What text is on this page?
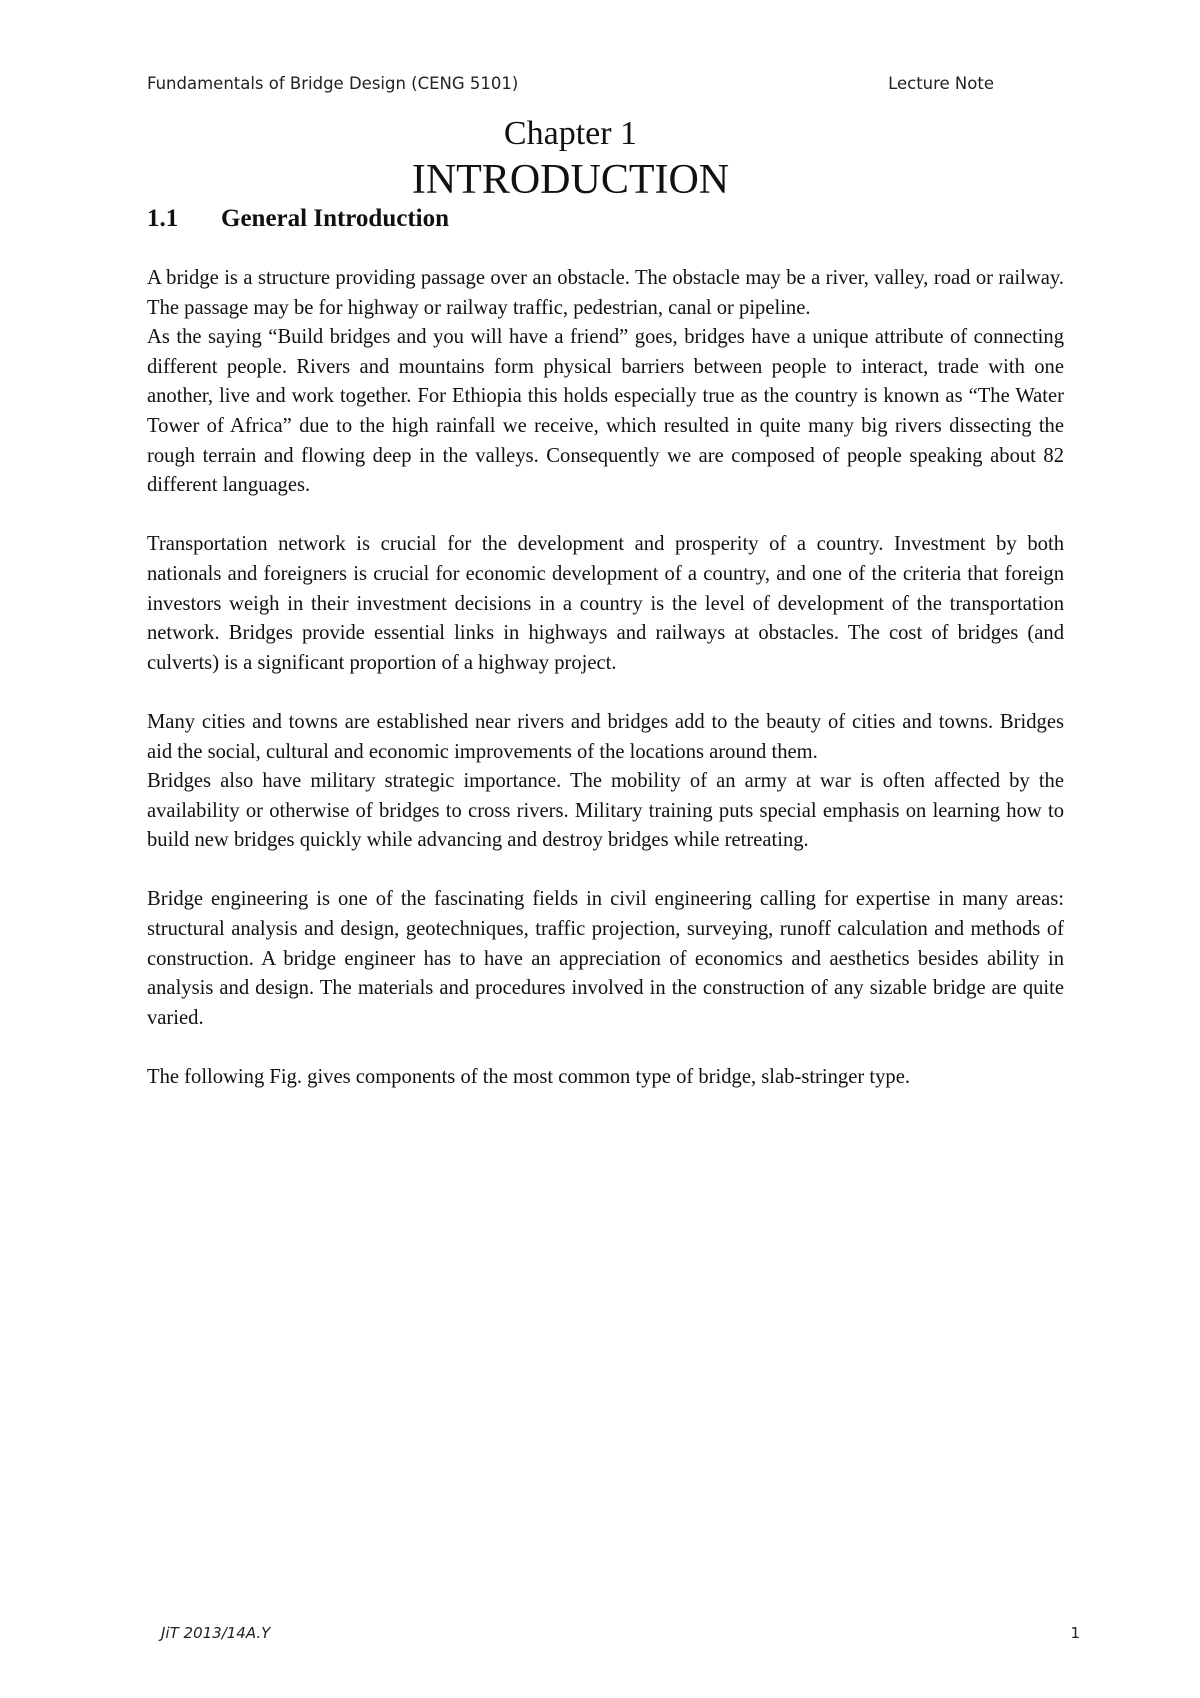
Fundamentals of Bridge Design (CENG 5101)	Lecture Note
Chapter 1
INTRODUCTION
1.1 General Introduction

A bridge is a structure providing passage over an obstacle. The obstacle may be a river, valley, road or railway. The passage may be for highway or railway traffic, pedestrian, canal or pipeline.

As the saying “Build bridges and you will have a friend” goes, bridges have a unique attribute of connecting different people. Rivers and mountains form physical barriers between people to interact, trade with one another, live and work together. For Ethiopia this holds especially true as the country is known as “The Water Tower of Africa” due to the high rainfall we receive, which resulted in quite many big rivers dissecting the rough terrain and flowing deep in the valleys. Consequently we are composed of people speaking about 82 different languages.

Transportation network is crucial for the development and prosperity of a country. Investment by both nationals and foreigners is crucial for economic development of a country, and one of the criteria that foreign investors weigh in their investment decisions in a country is the level of development of the transportation network. Bridges provide essential links in highways and railways at obstacles. The cost of bridges (and culverts) is a significant proportion of a highway project.

Many cities and towns are established near rivers and bridges add to the beauty of cities and towns. Bridges aid the social, cultural and economic improvements of the locations around them.

Bridges also have military strategic importance. The mobility of an army at war is often affected by the availability or otherwise of bridges to cross rivers. Military training puts special emphasis on learning how to build new bridges quickly while advancing and destroy bridges while retreating.

Bridge engineering is one of the fascinating fields in civil engineering calling for expertise in many areas: structural analysis and design, geotechniques, traffic projection, surveying, runoff calculation and methods of construction. A bridge engineer has to have an appreciation of economics and aesthetics besides ability in analysis and design. The materials and procedures involved in the construction of any sizable bridge are quite varied.

The following Fig. gives components of the most common type of bridge, slab-stringer type.

JiT 2013/14A.Y	1
